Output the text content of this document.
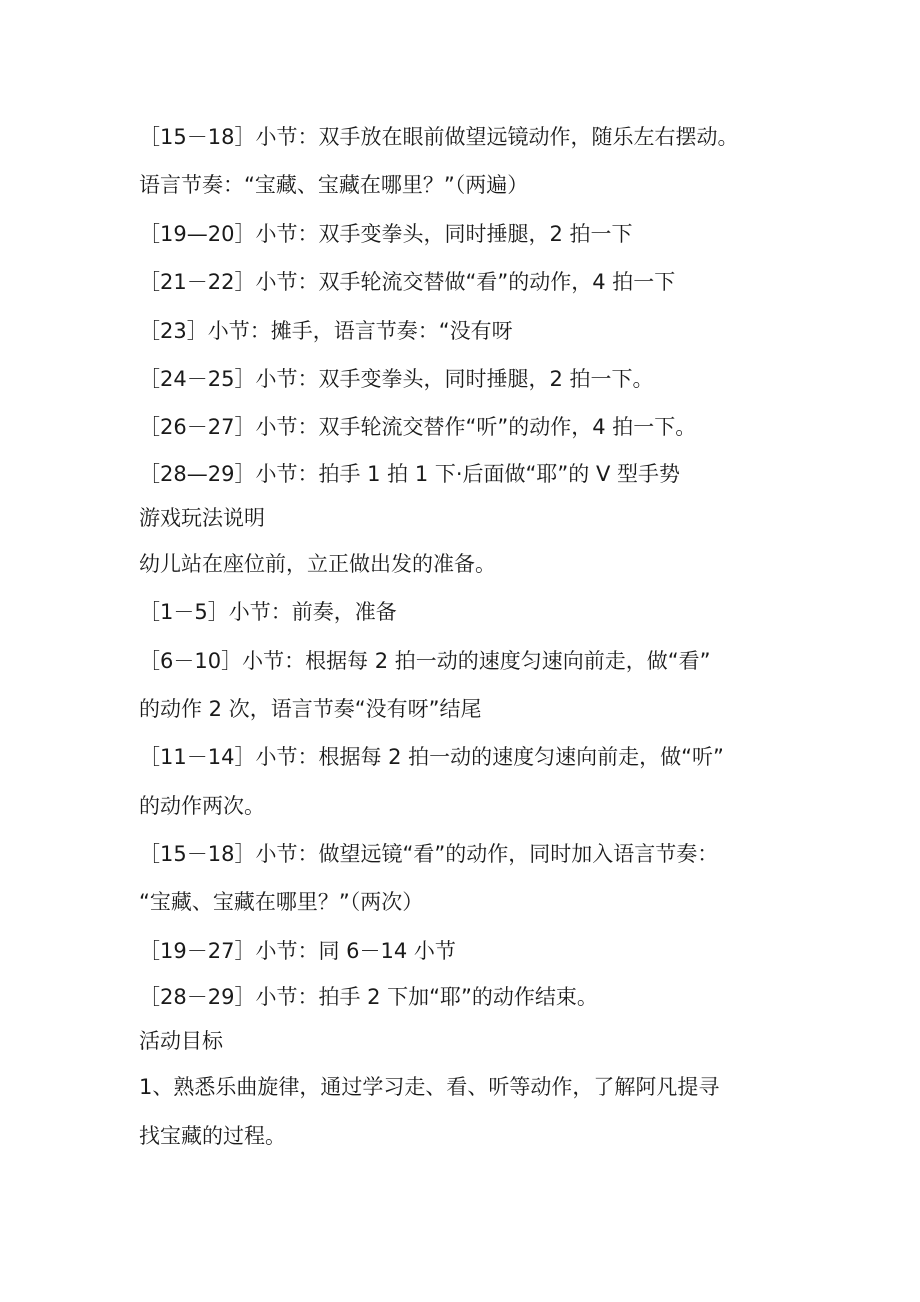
［15－18］小节：双手放在眼前做望远镜动作，随乐左右摆动。
语言节奏：“宝藏、宝藏在哪里？”（两遍）
［19—20］小节：双手变拳头，同时捶腿，2 拍一下
［21－22］小节：双手轮流交替做“看”的动作，4 拍一下
［23］小节：摊手，语言节奏：“没有呀
［24－25］小节：双手变拳头，同时捶腿，2 拍一下。
［26－27］小节：双手轮流交替作“听”的动作，4 拍一下。
［28—29］小节：拍手 1 拍 1 下·后面做“耶”的 V 型手势
游戏玩法说明
幼儿站在座位前，立正做出发的准备。
［1－5］小节：前奏，准备
［6－10］小节：根据每 2 拍一动的速度匀速向前走，做“看”
的动作 2 次，语言节奏“没有呀”结尾
［11－14］小节：根据每 2 拍一动的速度匀速向前走，做“听”
的动作两次。
［15－18］小节：做望远镜“看”的动作，同时加入语言节奏：
“宝藏、宝藏在哪里？”（两次）
［19－27］小节：同 6－14 小节
［28－29］小节：拍手 2 下加“耶”的动作结束。
活动目标
1、熟悉乐曲旋律，通过学习走、看、听等动作，了解阿凡提寻
找宝藏的过程。
